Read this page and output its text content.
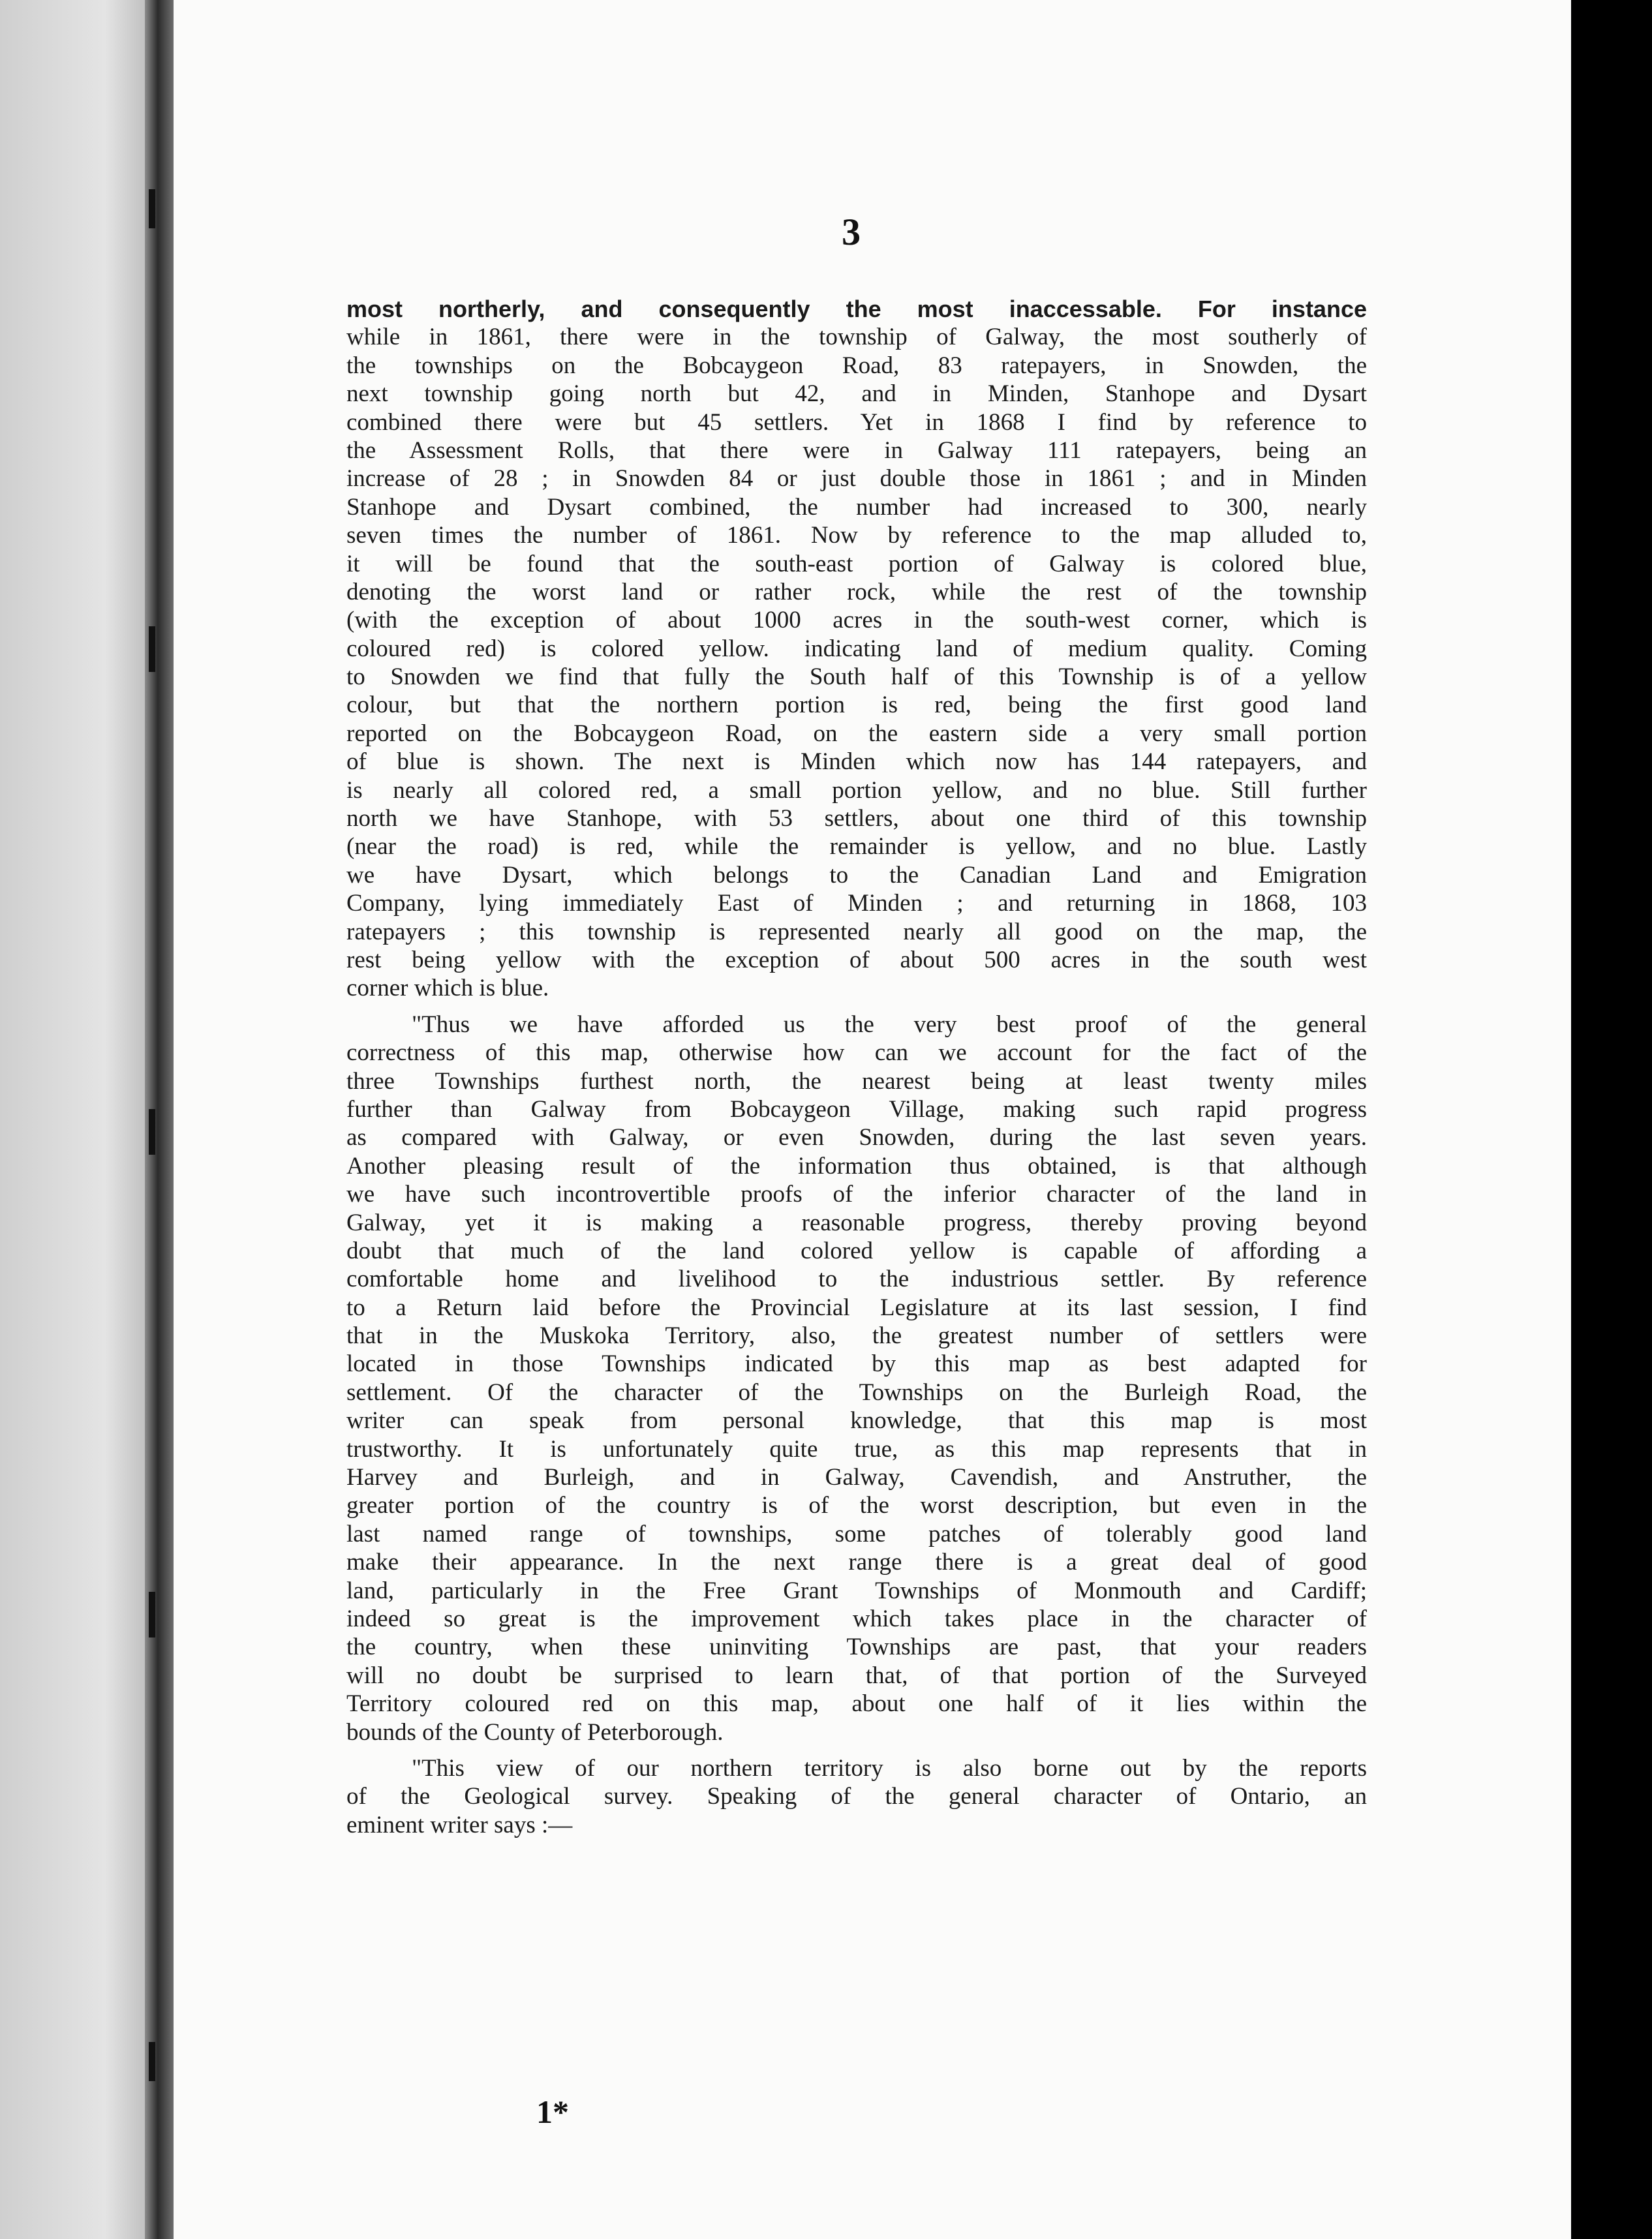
3
most northerly, and consequently the most inaccessable. For instance
while in 1861, there were in the township of Galway, the most southerly of
the townships on the Bobcaygeon Road, 83 ratepayers, in Snowden, the
next township going north but 42, and in Minden, Stanhope and Dysart
combined there were but 45 settlers. Yet in 1868 I find by reference to
the Assessment Rolls, that there were in Galway 111 ratepayers, being an
increase of 28 ; in Snowden 84 or just double those in 1861 ; and in Minden
Stanhope and Dysart combined, the number had increased to 300, nearly
seven times the number of 1861. Now by reference to the map alluded to,
it will be found that the south-east portion of Galway is colored blue,
denoting the worst land or rather rock, while the rest of the township
(with the exception of about 1000 acres in the south-west corner, which is
coloured red) is colored yellow. indicating land of medium quality. Coming
to Snowden we find that fully the South half of this Township is of a yellow
colour, but that the northern portion is red, being the first good land
reported on the Bobcaygeon Road, on the eastern side a very small portion
of blue is shown. The next is Minden which now has 144 ratepayers, and
is nearly all colored red, a small portion yellow, and no blue. Still further
north we have Stanhope, with 53 settlers, about one third of this township
(near the road) is red, while the remainder is yellow, and no blue. Lastly
we have Dysart, which belongs to the Canadian Land and Emigration
Company, lying immediately East of Minden ; and returning in 1868, 103
ratepayers ; this township is represented nearly all good on the map, the
rest being yellow with the exception of about 500 acres in the south west
corner which is blue.
"Thus we have afforded us the very best proof of the general
correctness of this map, otherwise how can we account for the fact of the
three Townships furthest north, the nearest being at least twenty miles
further than Galway from Bobcaygeon Village, making such rapid progress
as compared with Galway, or even Snowden, during the last seven years.
Another pleasing result of the information thus obtained, is that although
we have such incontrovertible proofs of the inferior character of the land in
Galway, yet it is making a reasonable progress, thereby proving beyond
doubt that much of the land colored yellow is capable of affording a
comfortable home and livelihood to the industrious settler. By reference
to a Return laid before the Provincial Legislature at its last session, I find
that in the Muskoka Territory, also, the greatest number of settlers were
located in those Townships indicated by this map as best adapted for
settlement. Of the character of the Townships on the Burleigh Road, the
writer can speak from personal knowledge, that this map is most
trustworthy. It is unfortunately quite true, as this map represents that in
Harvey and Burleigh, and in Galway, Cavendish, and Anstruther, the
greater portion of the country is of the worst description, but even in the
last named range of townships, some patches of tolerably good land
make their appearance. In the next range there is a great deal of good
land, particularly in the Free Grant Townships of Monmouth and Cardiff;
indeed so great is the improvement which takes place in the character of
the country, when these uninviting Townships are past, that your readers
will no doubt be surprised to learn that, of that portion of the Surveyed
Territory coloured red on this map, about one half of it lies within the
bounds of the County of Peterborough.
"This view of our northern territory is also borne out by the reports
of the Geological survey. Speaking of the general character of Ontario, an
eminent writer says :—
1*
